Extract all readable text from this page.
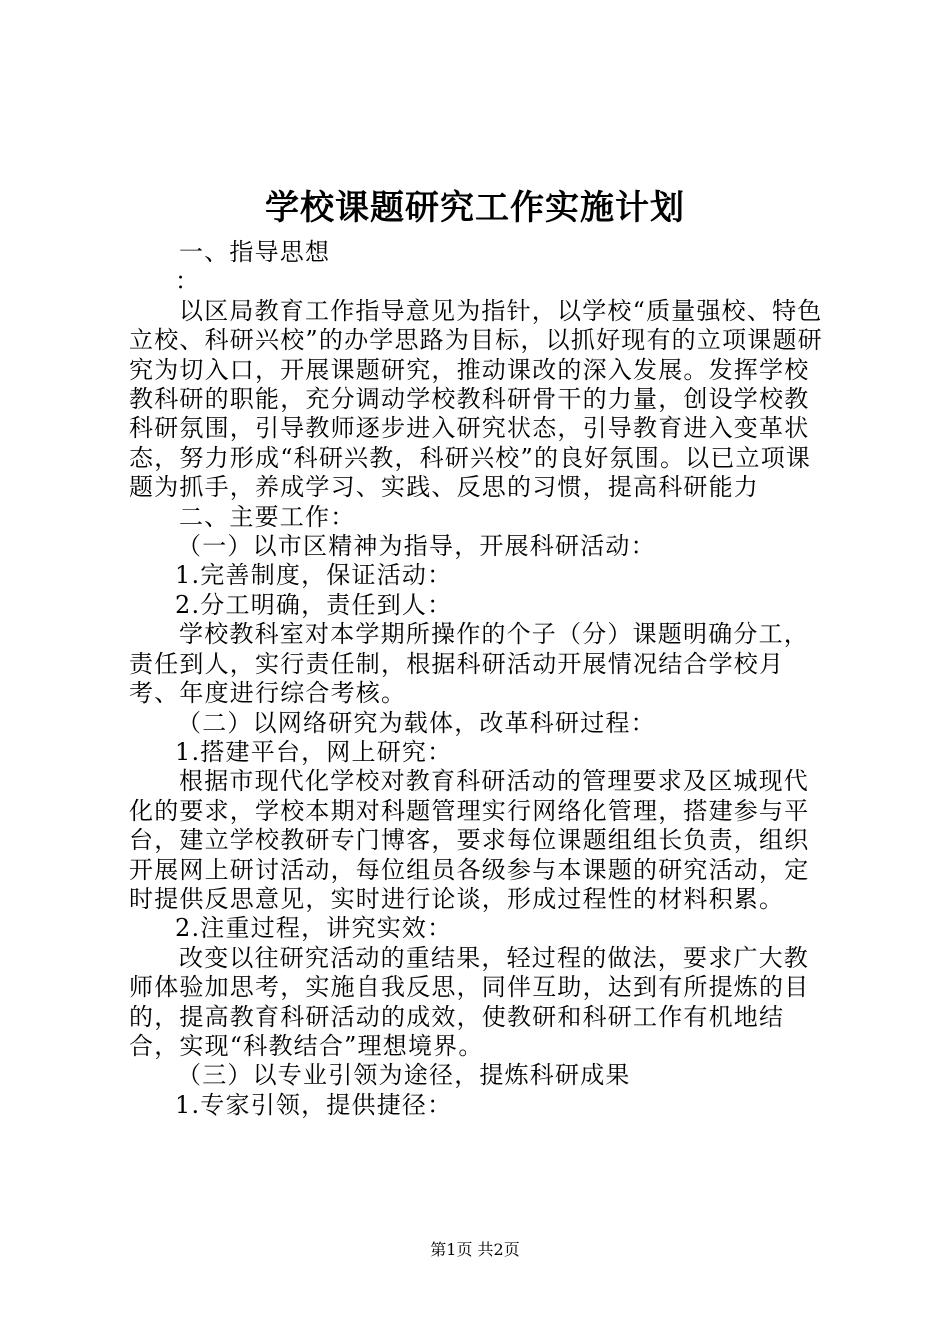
学校课题研究工作实施计划

一、指导思想

：

以区局教育工作指导意见为指针，以学校“质量强校、特色立校、科研兴校”的办学思路为目标，以抓好现有的立项课题研究为切入口，开展课题研究，推动课改的深入发展。发挥学校教科研的职能，充分调动学校教科研骨干的力量，创设学校教科研氛围，引导教师逐步进入研究状态，引导教育进入变革状态，努力形成“科研兴教，科研兴校”的良好氛围。以已立项课题为抓手，养成学习、实践、反思的习惯，提高科研能力

二、主要工作：

（一）以市区精神为指导，开展科研活动：

1.完善制度，保证活动：

2.分工明确，责任到人：

学校教科室对本学期所操作的个子（分）课题明确分工，责任到人，实行责任制，根据科研活动开展情况结合学校月考、年度进行综合考核。

（二）以网络研究为载体，改革科研过程：

1.搭建平台，网上研究：

根据市现代化学校对教育科研活动的管理要求及区城现代化的要求，学校本期对科题管理实行网络化管理，搭建参与平台，建立学校教研专门博客，要求每位课题组组长负责，组织开展网上研讨活动，每位组员各级参与本课题的研究活动，定时提供反思意见，实时进行论谈，形成过程性的材料积累。

2.注重过程，讲究实效：

改变以往研究活动的重结果，轻过程的做法，要求广大教师体验加思考，实施自我反思，同伴互助，达到有所提炼的目的，提高教育科研活动的成效，使教研和科研工作有机地结合，实现“科教结合”理想境界。

（三）以专业引领为途径，提炼科研成果

1.专家引领，提供捷径：

第1页 共2页
